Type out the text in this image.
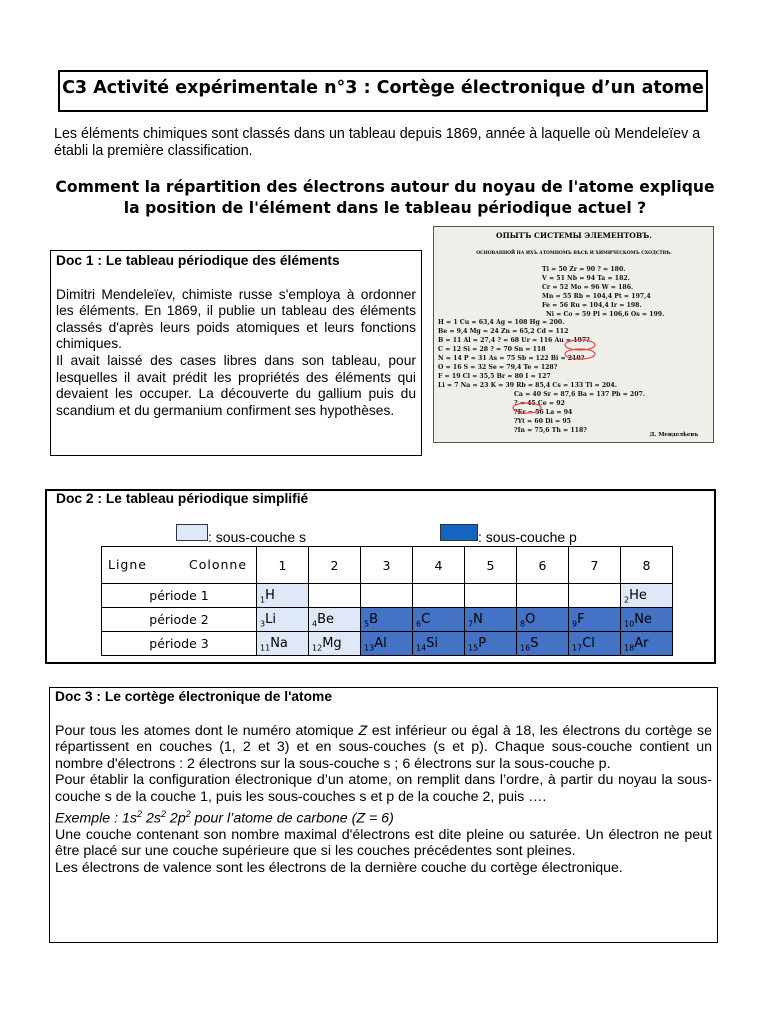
C3 Activité expérimentale n°3 : Cortège électronique d’un atome
Les éléments chimiques sont classés dans un tableau depuis 1869, année à laquelle où Mendeleïev a établi la première classification.
Comment la répartition des électrons autour du noyau de l'atome explique la position de l'élément dans le tableau périodique actuel ?
Doc 1 : Le tableau périodique des éléments
Dimitri Mendeleïev, chimiste russe s'employa à ordonner les éléments. En 1869, il publie un tableau des éléments classés d'après leurs poids atomiques et leurs fonctions chimiques.
Il avait laissé des cases libres dans son tableau, pour lesquelles il avait prédit les propriétés des éléments qui devaient les occuper. La découverte du gallium puis du scandium et du germanium confirment ses hypothèses.
ОПЫТЪ СИСТЕМЫ ЭЛЕМЕНТОВЪ.
ОСНОВАННОЙ НА ИХЪ АТОМНОМЪ ВѢСѢ И ХИМИЧЕСКОМЪ СХОДСТВѢ.
Ti = 50 Zr = 90 ? = 180.
V = 51 Nb = 94 Ta = 182.
Cr = 52 Mo = 96 W = 186.
Mn = 55 Rh = 104,4 Pt = 197,4
Fe = 56 Ru = 104,4 Ir = 198.
Ni = Co = 59 Pl = 106,6 Os = 199.
H = 1 Cu = 63,4 Ag = 108 Hg = 200.
Be = 9,4 Mg = 24 Zn = 65,2 Cd = 112
B = 11 Al = 27,4 ? = 68 Ur = 116 Au = 197?
C = 12 Si = 28 ? = 70 Sn = 118
N = 14 P = 31 As = 75 Sb = 122 Bi = 210?
O = 16 S = 32 Se = 79,4 Te = 128?
F = 19 Cl = 35,5 Br = 80 I = 127
Li = 7 Na = 23 K = 39 Rb = 85,4 Cs = 133 Tl = 204.
Ca = 40 Sr = 87,6 Ba = 137 Pb = 207.
? = 45 Ce = 92
?Er = 56 La = 94
?Yt = 60 Di = 95
?In = 75,6 Th = 118?
Д. Менделѣевъ
Doc 2 : Le tableau périodique simplifié
: sous-couche s	: sous-couche p
Ligne Colonne	1	2	3	4	5	6	7	8
période 1	$_1$H							$_2$He
période 2	$_3$Li	$_4$Be	$_5$B	$_6$C	$_7$N	$_8$O	$_9$F	$_{10}$Ne
période 3	$_{11}$Na	$_{12}$Mg	$_{13}$Al	$_{14}$Si	$_{15}$P	$_{16}$S	$_{17}$Cl	$_{18}$Ar
Doc 3 : Le cortège électronique de l'atome
Pour tous les atomes dont le numéro atomique Z est inférieur ou égal à 18, les électrons du cortège se répartissent en couches (1, 2 et 3) et en sous-couches (s et p). Chaque sous-couche contient un nombre d'électrons : 2 électrons sur la sous-couche s ; 6 électrons sur la sous-couche p.
Pour établir la configuration électronique d’un atome, on remplit dans l’ordre, à partir du noyau la sous-couche s de la couche 1, puis les sous-couches s et p de la couche 2, puis ….
Exemple : $1s^2$ $2s^2$ $2p^2$ pour l’atome de carbone (Z = 6)
Une couche contenant son nombre maximal d'électrons est dite pleine ou saturée. Un électron ne peut être placé sur une couche supérieure que si les couches précédentes sont pleines.
Les électrons de valence sont les électrons de la dernière couche du cortège électronique.
